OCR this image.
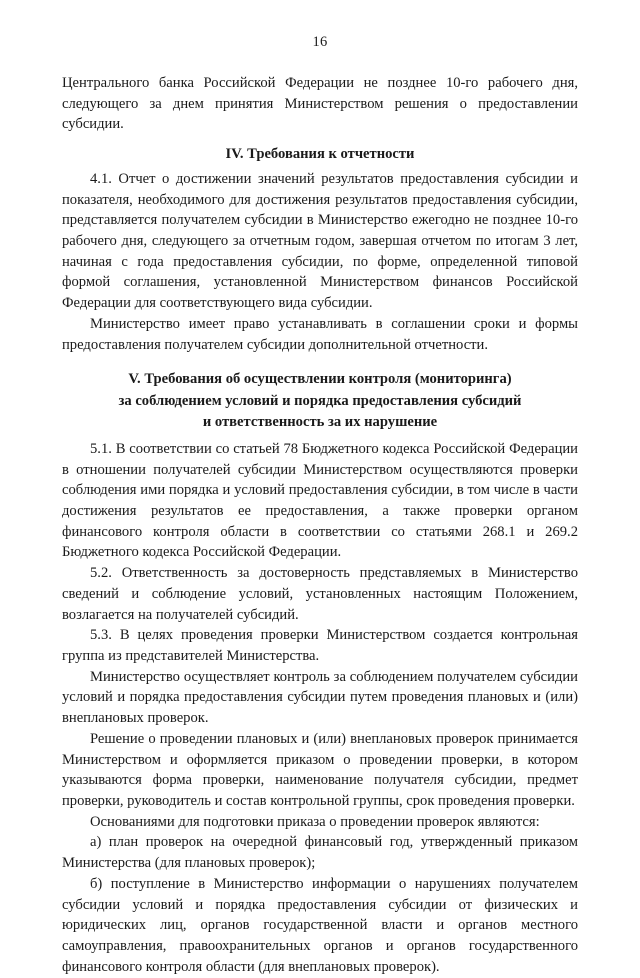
16

Центрального банка Российской Федерации не позднее 10-го рабочего дня, следующего за днем принятия Министерством решения о предоставлении субсидии.

IV. Требования к отчетности

4.1. Отчет о достижении значений результатов предоставления субсидии и показателя, необходимого для достижения результатов предоставления субсидии, представляется получателем субсидии в Министерство ежегодно не позднее 10-го рабочего дня, следующего за отчетным годом, завершая отчетом по итогам 3 лет, начиная с года предоставления субсидии, по форме, определенной типовой формой соглашения, установленной Министерством финансов Российской Федерации для соответствующего вида субсидии.

Министерство имеет право устанавливать в соглашении сроки и формы предоставления получателем субсидии дополнительной отчетности.

V. Требования об осуществлении контроля (мониторинга)
за соблюдением условий и порядка предоставления субсидий
и ответственность за их нарушение

5.1. В соответствии со статьей 78 Бюджетного кодекса Российской Федерации в отношении получателей субсидии Министерством осуществляются проверки соблюдения ими порядка и условий предоставления субсидии, в том числе в части достижения результатов ее предоставления, а также проверки органом финансового контроля области в соответствии со статьями 268.1 и 269.2 Бюджетного кодекса Российской Федерации.

5.2. Ответственность за достоверность представляемых в Министерство сведений и соблюдение условий, установленных настоящим Положением, возлагается на получателей субсидий.

5.3. В целях проведения проверки Министерством создается контрольная группа из представителей Министерства.

Министерство осуществляет контроль за соблюдением получателем субсидии условий и порядка предоставления субсидии путем проведения плановых и (или) внеплановых проверок.

Решение о проведении плановых и (или) внеплановых проверок принимается Министерством и оформляется приказом о проведении проверки, в котором указываются форма проверки, наименование получателя субсидии, предмет проверки, руководитель и состав контрольной группы, срок проведения проверки.

Основаниями для подготовки приказа о проведении проверок являются:

а) план проверок на очередной финансовый год, утвержденный приказом Министерства (для плановых проверок);

б) поступление в Министерство информации о нарушениях получателем субсидии условий и порядка предоставления субсидии от физических и юридических лиц, органов государственной власти и органов местного самоуправления, правоохранительных органов и органов государственного финансового контроля области (для внеплановых проверок).
